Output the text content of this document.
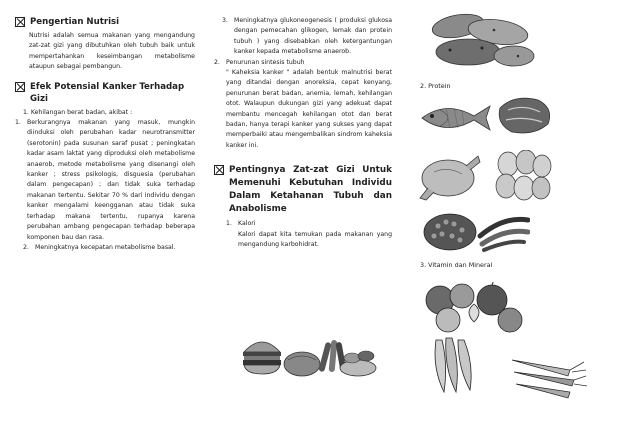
Pengertian Nutrisi

Nutrisi adalah semua makanan yang mengandung zat-zat gizi yang dibutuhkan oleh tubuh baik untuk mempertahankan keseimbangan metabolisme ataupun sebagai pembangun.

Efek Potensial Kanker Terhadap Gizi

1. Kehilangan berat badan, akibat :

1. Berkurangnya makanan yang masuk, mungkin diinduksi oleh perubahan kadar neurotransmitter (serotonin) pada susunan saraf pusat ; peningkatan kadar asam laktat yang diproduksi oleh metabolisme anaerob, metode metabolisme yang disenangi oleh kanker ; stress psikologis, disguesia (perubahan dalam pengecapan) ; dan tidak suka terhadap makanan tertentu. Sekitar 70 % dari individu dengan kanker mengalami keengganan atau tidak suka terhadap makana tertentu, rupanya karena perubahan ambang pengecapan terhadap beberapa komponen bau dan rasa.
2. Meningkatnya kecepatan metabolisme basal.
3. Meningkatnya glukoneogenesis ( produksi glukosa dengan pemecahan glikogen, lemak dan protein tubuh ) yang disebabkan oleh ketergantungan kanker kepada metabolisme anaerob.
2. Penurunan sintesis tubuh
" Kaheksia kanker " adalah bentuk malnutrisi berat yang ditandai dengan anoreksia, cepat kenyang, penurunan berat badan, anemia, lemah, kehilangan otot. Walaupun dukungan gizi yang adekuat dapat membantu mencegah kehilangan otot dan berat badan, hanya terapi kanker yang sukses yang dapat memperbaiki atau mengembalikan sindrom kaheksia kanker ini.
Pentingnya Zat-zat Gizi Untuk Memenuhi Kebutuhan Individu Dalam Ketahanan Tubuh dan Anabolisme
1. Kalori
Kalori dapat kita temukan pada makanan yang mengandung karbohidrat.
2. Protein
3. Vitamin dan Mineral
